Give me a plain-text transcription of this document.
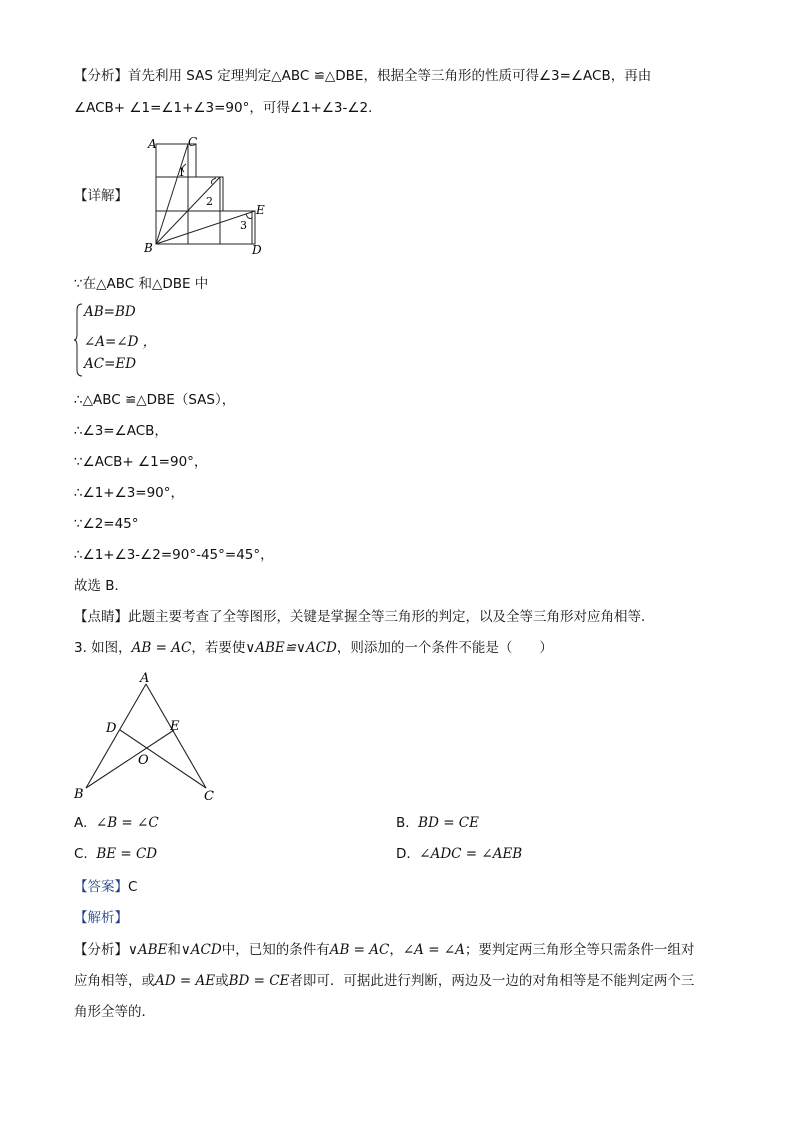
【分析】首先利用 SAS 定理判定△ABC ≌△DBE，根据全等三角形的性质可得∠3=∠ACB，再由
∠ACB+ ∠1=∠1+∠3=90°，可得∠1+∠3-∠2．
A	C
B	D
E
1
2
3
【详解】
∵在△ABC 和△DBE 中
AB=BD
∠A=∠D ，
AC=ED
∴△ABC ≌△DBE（SAS），
∴∠3=∠ACB，
∵∠ACB+ ∠1=90°，
∴∠1+∠3=90°，
∵∠2=45°
∴∠1+∠3-∠2=90°-45°=45°，
故选 B．
【点睛】此题主要考查了全等图形，关键是掌握全等三角形的判定，以及全等三角形对应角相等．
3. 如图，AB = AC，若要使∨ABE≌∨ACD，则添加的一个条件不能是（　　）
A
D	E
O
B	C
A. ∠B = ∠C	B. BD = CE
C. BE = CD	D. ∠ADC = ∠AEB
【答案】C
【解析】
【分析】∨ABE和∨ACD中，已知的条件有AB = AC，∠A = ∠A；要判定两三角形全等只需条件一组对
应角相等，或AD = AE或BD = CE者即可．可据此进行判断，两边及一边的对角相等是不能判定两个三
角形全等的．
